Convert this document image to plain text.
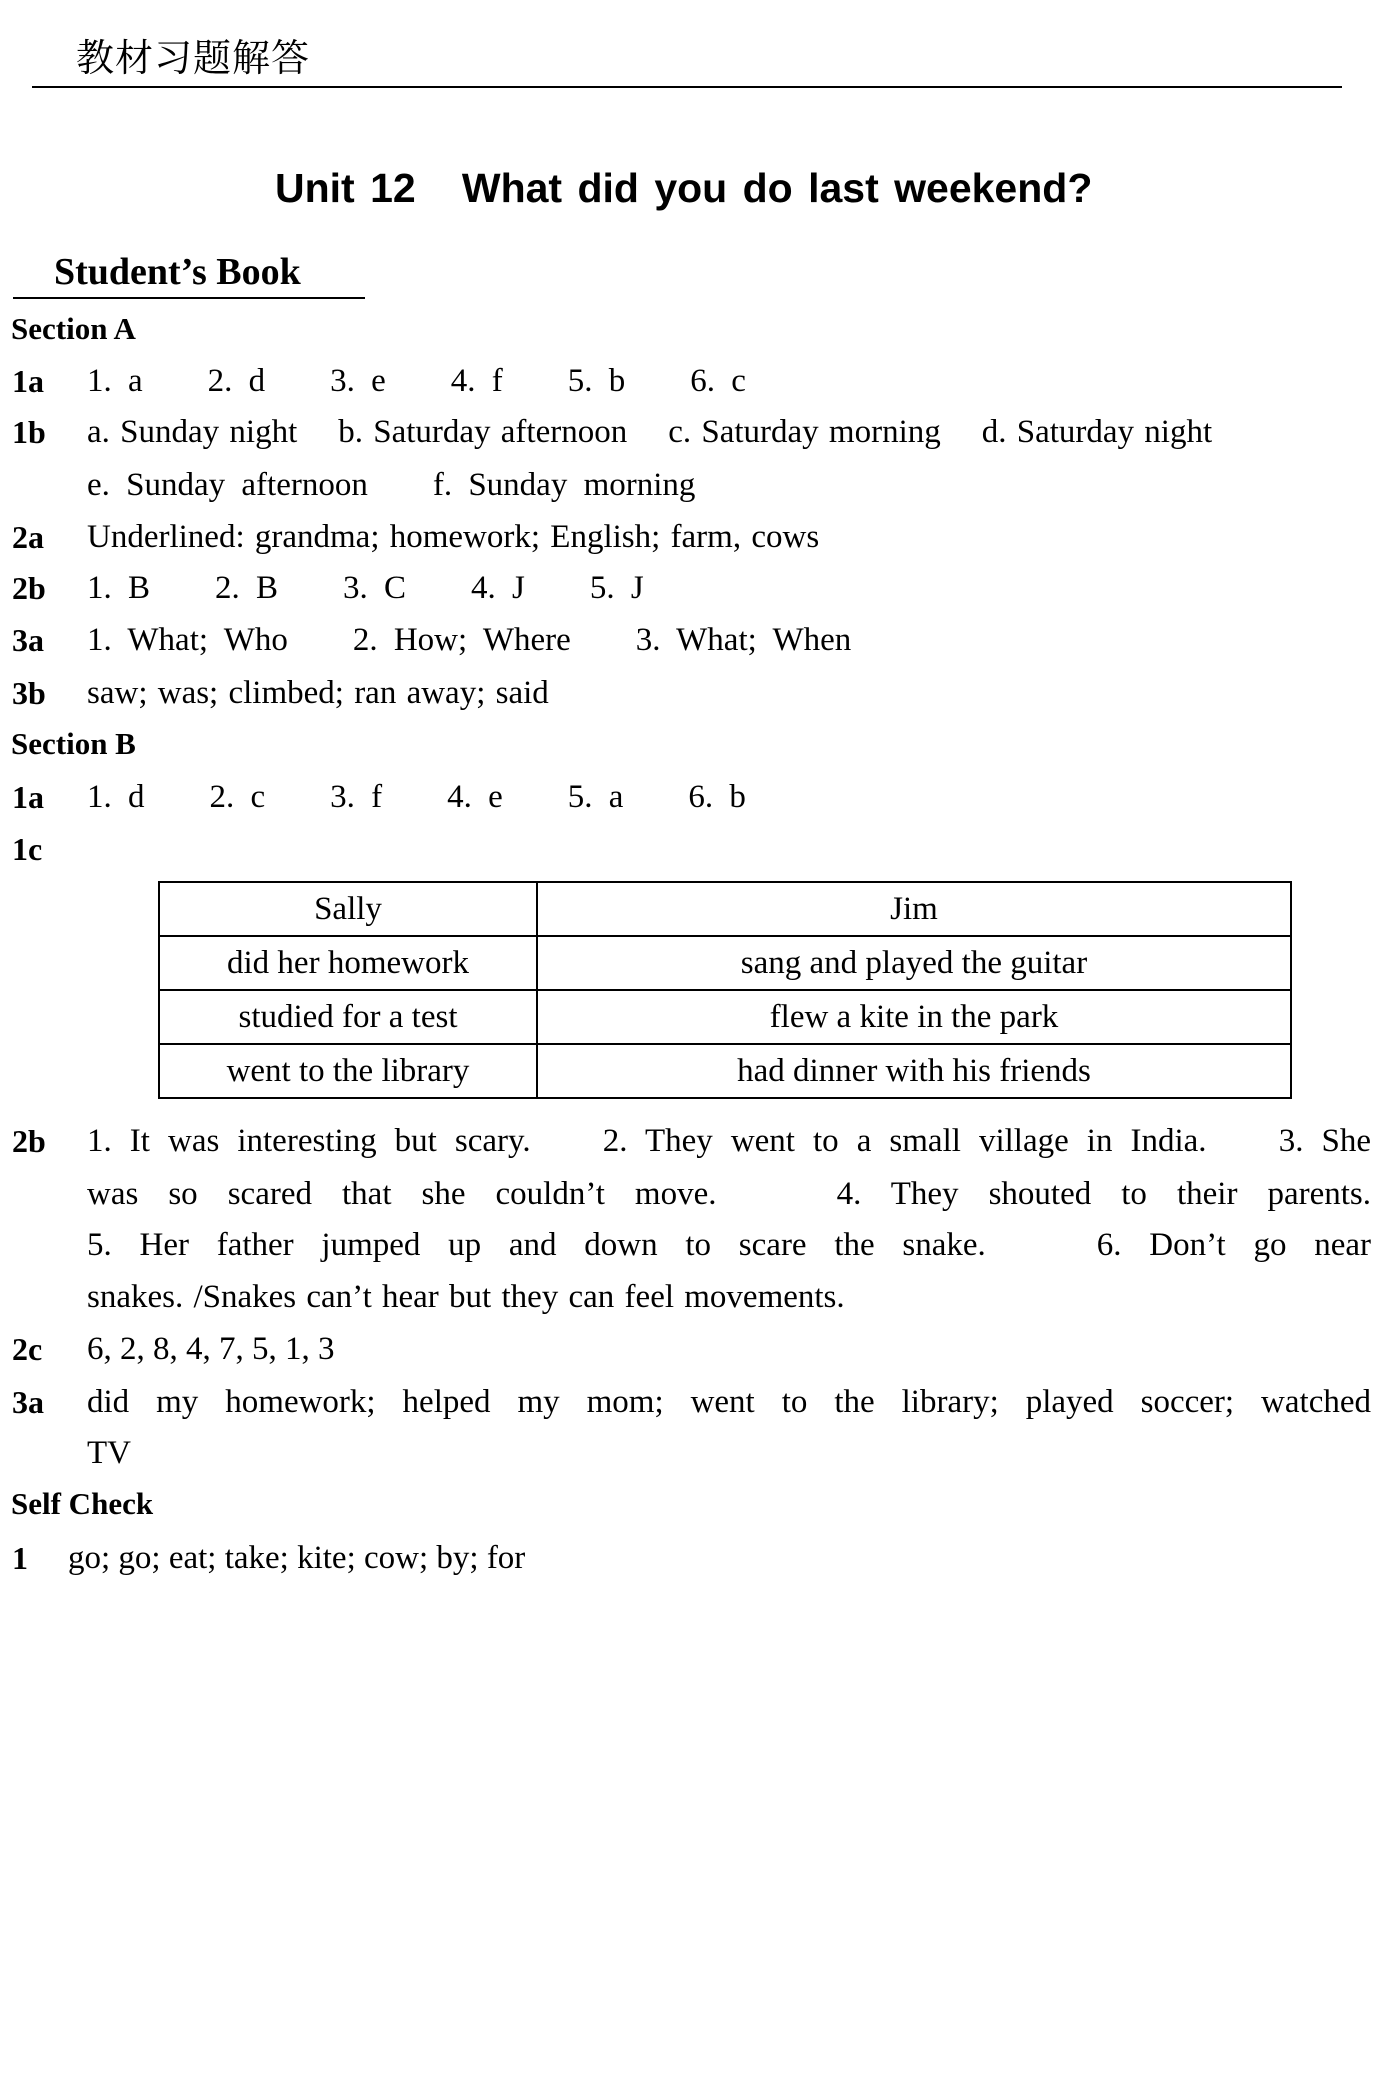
教材习题解答
Unit 12   What did you do last weekend?
Student’s Book
Section A
1a 1. a    2. d    3. e    4. f    5. b    6. c
1b a. Sunday night    b. Saturday afternoon    c. Saturday morning    d. Saturday night
e. Sunday afternoon    f. Sunday morning
2a Underlined: grandma; homework; English; farm, cows
2b 1. B    2. B    3. C    4. J    5. J
3a 1. What; Who    2. How; Where    3. What; When
3b saw; was; climbed; ran away; said
Section B
1a 1. d    2. c    3. f    4. e    5. a    6. b
1c
Sally	Jim
did her homework	sang and played the guitar
studied for a test	flew a kite in the park
went to the library	had dinner with his friends
2b 1. It was interesting but scary.    2. They went to a small village in India.    3. She
was so scared that she couldn’t move.    4. They shouted to their parents.
5. Her father jumped up and down to scare the snake.    6. Don’t go near
snakes. /Snakes can’t hear but they can feel movements.
2c 6, 2, 8, 4, 7, 5, 1, 3
3a did my homework; helped my mom; went to the library; played soccer; watched
TV
Self Check
1 go; go; eat; take; kite; cow; by; for
